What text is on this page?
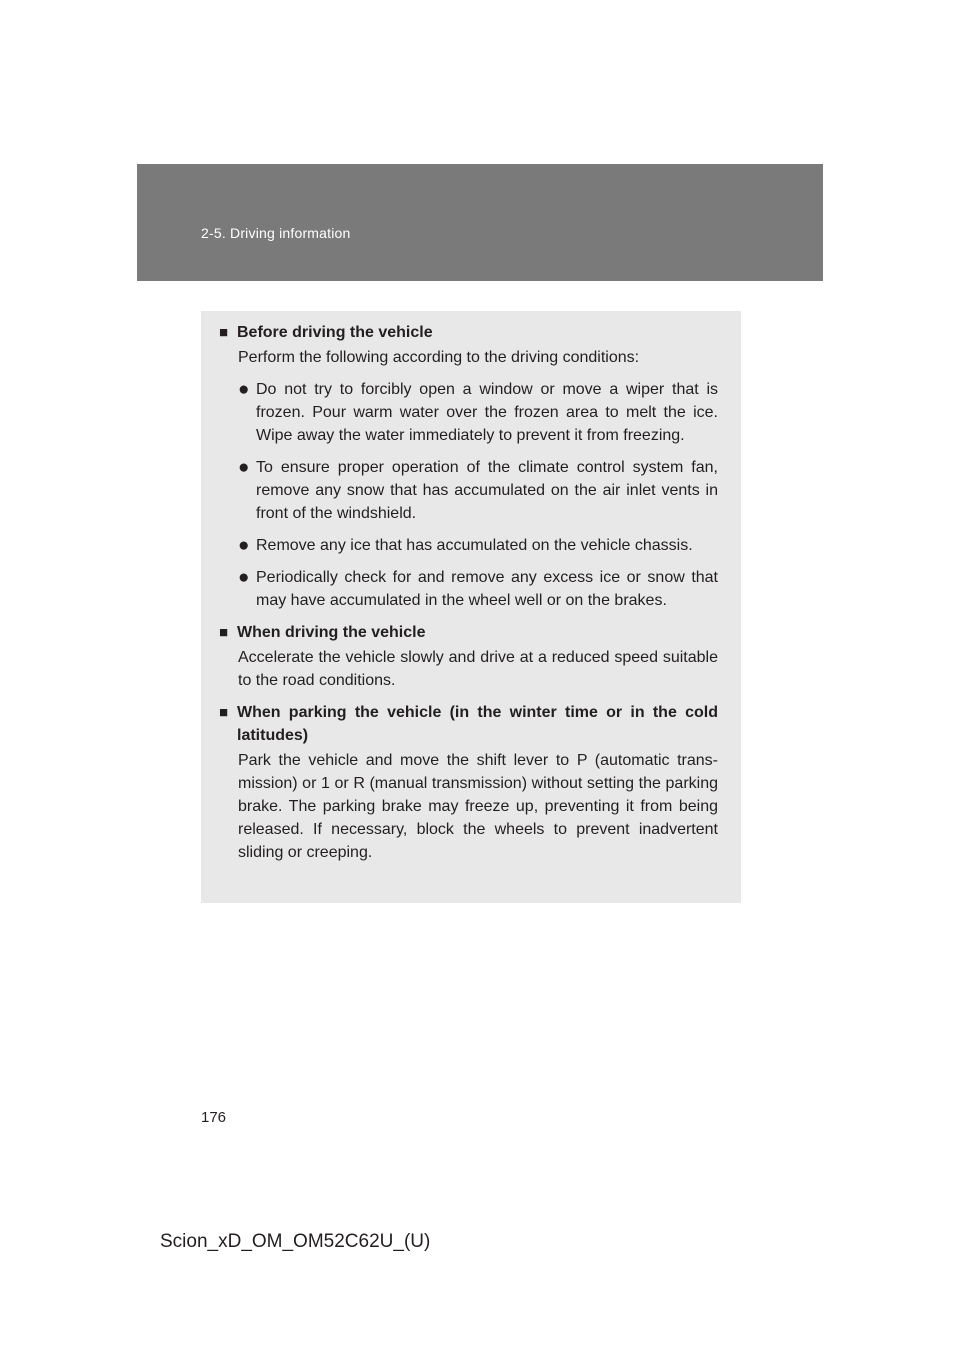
2-5. Driving information
■ Before driving the vehicle
Perform the following according to the driving conditions:
● Do not try to forcibly open a window or move a wiper that is frozen. Pour warm water over the frozen area to melt the ice. Wipe away the water immediately to prevent it from freezing.
● To ensure proper operation of the climate control system fan, remove any snow that has accumulated on the air inlet vents in front of the windshield.
● Remove any ice that has accumulated on the vehicle chassis.
● Periodically check for and remove any excess ice or snow that may have accumulated in the wheel well or on the brakes.
■ When driving the vehicle
Accelerate the vehicle slowly and drive at a reduced speed suitable to the road conditions.
■ When parking the vehicle (in the winter time or in the cold latitudes)
Park the vehicle and move the shift lever to P (automatic transmission) or 1 or R (manual transmission) without setting the parking brake. The parking brake may freeze up, preventing it from being released. If necessary, block the wheels to prevent inadvertent sliding or creeping.
176
Scion_xD_OM_OM52C62U_(U)
